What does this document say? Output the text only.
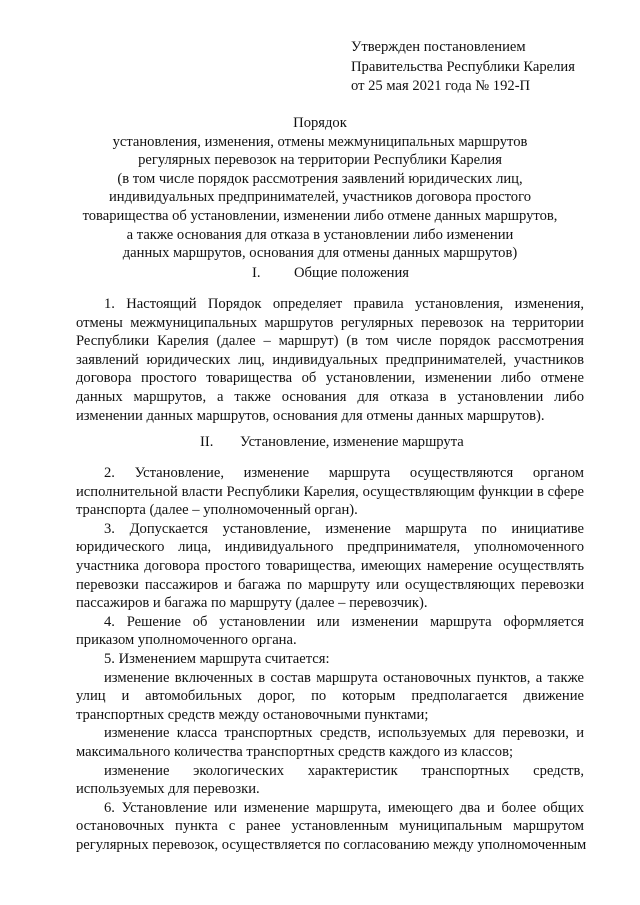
Утвержден постановлением
Правительства Республики Карелия
от 25 мая 2021 года № 192-П
Порядок
установления, изменения, отмены межмуниципальных маршрутов
регулярных перевозок на территории Республики Карелия
(в том числе порядок рассмотрения заявлений юридических лиц,
индивидуальных предпринимателей, участников договора простого
товарищества об установлении, изменении либо отмене данных маршрутов,
а также основания для отказа в установлении либо изменении
данных маршрутов, основания для отмены данных маршрутов)
I. Общие положения
1. Настоящий Порядок определяет правила установления, изменения,
отмены межмуниципальных маршрутов регулярных перевозок на территории
Республики Карелия (далее – маршрут) (в том числе порядок рассмотрения
заявлений юридических лиц, индивидуальных предпринимателей, участников
договора простого товарищества об установлении, изменении либо отмене
данных маршрутов, а также основания для отказа в установлении либо
изменении данных маршрутов, основания для отмены данных маршрутов).
II. Установление, изменение маршрута
2. Установление, изменение маршрута осуществляются органом
исполнительной власти Республики Карелия, осуществляющим функции в сфере
транспорта (далее – уполномоченный орган).
3. Допускается установление, изменение маршрута по инициативе
юридического лица, индивидуального предпринимателя, уполномоченного
участника договора простого товарищества, имеющих намерение осуществлять
перевозки пассажиров и багажа по маршруту или осуществляющих перевозки
пассажиров и багажа по маршруту (далее – перевозчик).
4. Решение об установлении или изменении маршрута оформляется
приказом уполномоченного органа.
5. Изменением маршрута считается:
изменение включенных в состав маршрута остановочных пунктов, а также
улиц и автомобильных дорог, по которым предполагается движение
транспортных средств между остановочными пунктами;
изменение класса транспортных средств, используемых для перевозки, и
максимального количества транспортных средств каждого из классов;
изменение экологических характеристик транспортных средств,
используемых для перевозки.
6. Установление или изменение маршрута, имеющего два и более общих
остановочных пункта с ранее установленным муниципальным маршрутом
регулярных перевозок, осуществляется по согласованию между уполномоченным
